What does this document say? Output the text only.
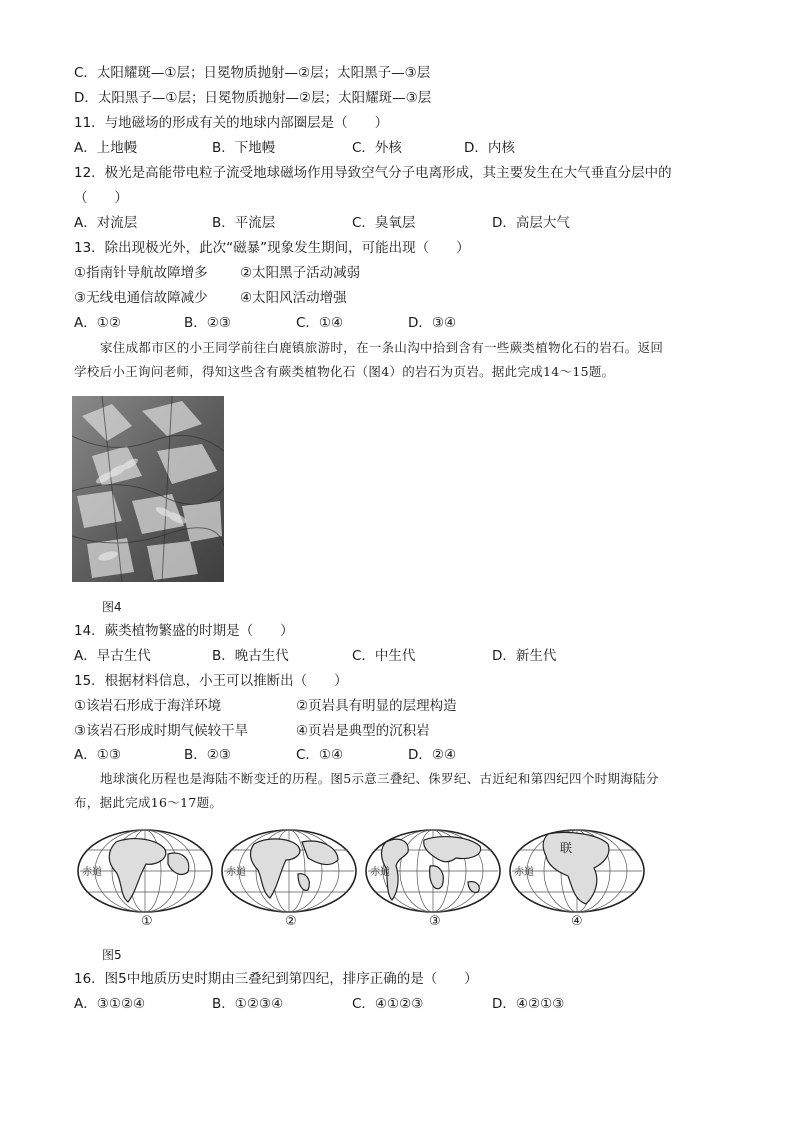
C．太阳耀斑—①层；日冕物质抛射—②层；太阳黑子—③层
D．太阳黑子—①层；日冕物质抛射—②层；太阳耀斑—③层
11．与地磁场的形成有关的地球内部圈层是（　　）
A．上地幔	B．下地幔	C．外核	D．内核
12．极光是高能带电粒子流受地球磁场作用导致空气分子电离形成，其主要发生在大气垂直分层中的
（　　）
A．对流层	B．平流层	C．臭氧层	D．高层大气
13．除出现极光外，此次“磁暴”现象发生期间，可能出现（　　）
①指南针导航故障增多 ②太阳黑子活动减弱
③无线电通信故障减少 ④太阳风活动增强
A．①②	B．②③	C．①④	D．③④
家住成都市区的小王同学前往白鹿镇旅游时，在一条山沟中拾到含有一些蕨类植物化石的岩石。返回
学校后小王询问老师，得知这些含有蕨类植物化石（图4）的岩石为页岩。据此完成14～15题。
图4
14．蕨类植物繁盛的时期是（　　）
A．早古生代	B．晚古生代	C．中生代	D．新生代
15．根据材料信息，小王可以推断出（　　）
①该岩石形成于海洋环境	②页岩具有明显的层理构造
③该岩石形成时期气候较干旱	④页岩是典型的沉积岩
A．①③	B．②③	C．①④	D．②④
地球演化历程也是海陆不断变迁的历程。图5示意三叠纪、侏罗纪、古近纪和第四纪四个时期海陆分
布，据此完成16～17题。
赤道	赤道	赤道	赤道
联
①	②	③	④
图5
16．图5中地质历史时期由三叠纪到第四纪，排序正确的是（　　）
A．③①②④	B．①②③④	C．④①②③	D．④②①③
